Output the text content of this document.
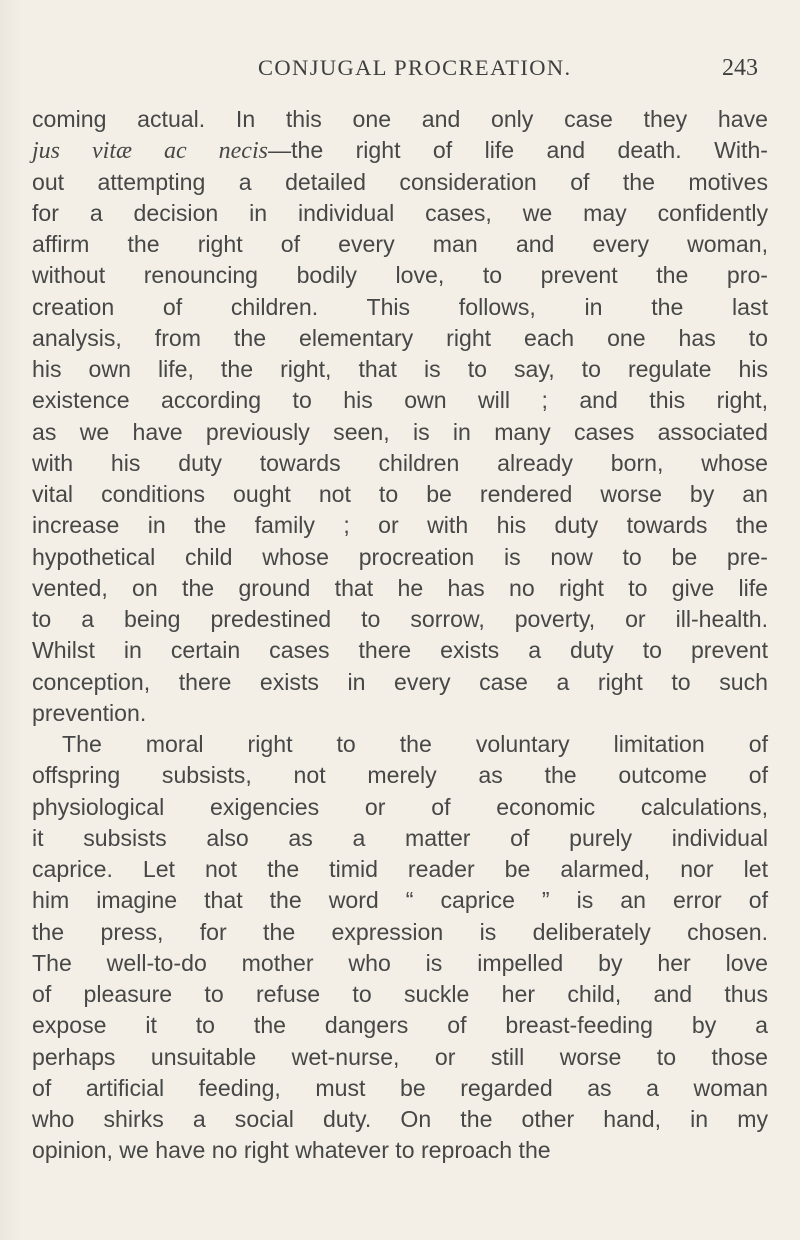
CONJUGAL PROCREATION.	243
coming actual. In this one and only case they have
jus vitæ ac necis—the right of life and death. With-
out attempting a detailed consideration of the motives
for a decision in individual cases, we may confidently
affirm the right of every man and every woman,
without renouncing bodily love, to prevent the pro-
creation of children. This follows, in the last
analysis, from the elementary right each one has to
his own life, the right, that is to say, to regulate his
existence according to his own will ; and this right,
as we have previously seen, is in many cases associated
with his duty towards children already born, whose
vital conditions ought not to be rendered worse by an
increase in the family ; or with his duty towards the
hypothetical child whose procreation is now to be pre-
vented, on the ground that he has no right to give life
to a being predestined to sorrow, poverty, or ill-health.
Whilst in certain cases there exists a duty to prevent
conception, there exists in every case a right to such
prevention.
The moral right to the voluntary limitation of
offspring subsists, not merely as the outcome of
physiological exigencies or of economic calculations,
it subsists also as a matter of purely individual
caprice. Let not the timid reader be alarmed, nor let
him imagine that the word “ caprice ” is an error of
the press, for the expression is deliberately chosen.
The well-to-do mother who is impelled by her love
of pleasure to refuse to suckle her child, and thus
expose it to the dangers of breast-feeding by a
perhaps unsuitable wet-nurse, or still worse to those
of artificial feeding, must be regarded as a woman
who shirks a social duty. On the other hand, in my
opinion, we have no right whatever to reproach the
